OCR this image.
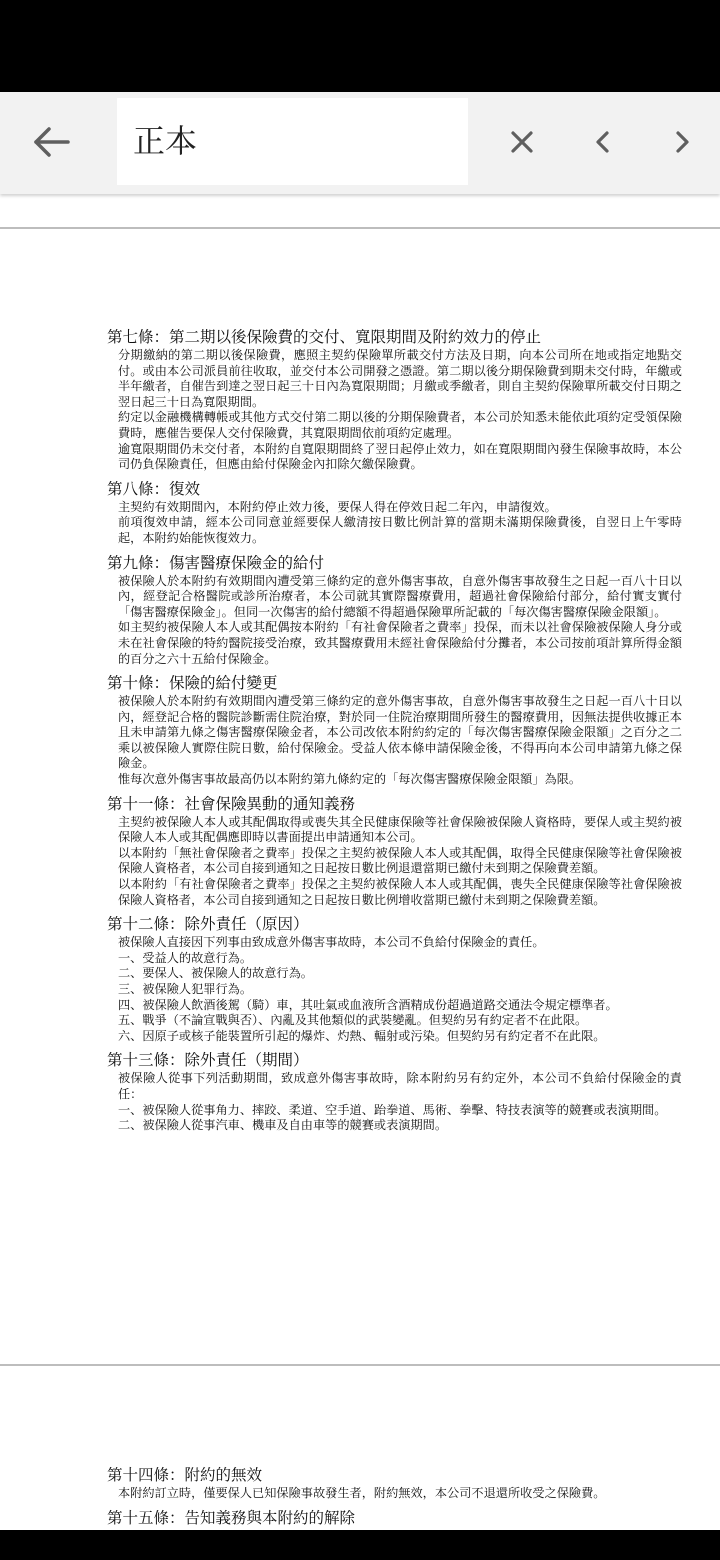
正本

第七條：第二期以後保險費的交付、寬限期間及附約效力的停止

分期繳納的第二期以後保險費，應照主契約保險單所載交付方法及日期，向本公司所在地或指定地點交付。或由本公司派員前往收取，並交付本公司開發之憑證。第二期以後分期保險費到期未交付時，年繳或半年繳者，自催告到達之翌日起三十日內為寬限期間；月繳或季繳者，則自主契約保險單所載交付日期之翌日起三十日為寬限期間。

約定以金融機構轉帳或其他方式交付第二期以後的分期保險費者，本公司於知悉未能依此項約定受領保險費時，應催告要保人交付保險費，其寬限期間依前項約定處理。

逾寬限期間仍未交付者，本附約自寬限期間終了翌日起停止效力，如在寬限期間內發生保險事故時，本公司仍負保險責任，但應由給付保險金內扣除欠繳保險費。

第八條：復效

主契約有效期間內，本附約停止效力後，要保人得在停效日起二年內，申請復效。

前項復效申請，經本公司同意並經要保人繳清按日數比例計算的當期未滿期保險費後，自翌日上午零時起，本附約始能恢復效力。

第九條：傷害醫療保險金的給付

被保險人於本附約有效期間內遭受第三條約定的意外傷害事故，自意外傷害事故發生之日起一百八十日以內，經登記合格醫院或診所治療者，本公司就其實際醫療費用，超過社會保險給付部分，給付實支實付「傷害醫療保險金」。但同一次傷害的給付總額不得超過保險單所記載的「每次傷害醫療保險金限額」。

如主契約被保險人本人或其配偶按本附約「有社會保險者之費率」投保，而未以社會保險被保險人身分或未在社會保險的特約醫院接受治療，致其醫療費用未經社會保險給付分攤者，本公司按前項計算所得金額的百分之六十五給付保險金。

第十條：保險的給付變更

被保險人於本附約有效期間內遭受第三條約定的意外傷害事故，自意外傷害事故發生之日起一百八十日以內，經登記合格的醫院診斷需住院治療，對於同一住院治療期間所發生的醫療費用，因無法提供收據正本且未申請第九條之傷害醫療保險金者，本公司改依本附約約定的「每次傷害醫療保險金限額」之百分之二乘以被保險人實際住院日數，給付保險金。受益人依本條申請保險金後，不得再向本公司申請第九條之保險金。

惟每次意外傷害事故最高仍以本附約第九條約定的「每次傷害醫療保險金限額」為限。

第十一條：社會保險異動的通知義務

主契約被保險人本人或其配偶取得或喪失其全民健康保險等社會保險被保險人資格時，要保人或主契約被保險人本人或其配偶應即時以書面提出申請通知本公司。

以本附約「無社會保險者之費率」投保之主契約被保險人本人或其配偶，取得全民健康保險等社會保險被保險人資格者，本公司自接到通知之日起按日數比例退還當期已繳付未到期之保險費差額。

以本附約「有社會保險者之費率」投保之主契約被保險人本人或其配偶，喪失全民健康保險等社會保險被保險人資格者，本公司自接到通知之日起按日數比例增收當期已繳付未到期之保險費差額。

第十二條：除外責任（原因）

被保險人直接因下列事由致成意外傷害事故時，本公司不負給付保險金的責任。

一、受益人的故意行為。

二、要保人、被保險人的故意行為。

三、被保險人犯罪行為。

四、被保險人飲酒後駕（騎）車，其吐氣或血液所含酒精成份超過道路交通法令規定標準者。

五、戰爭（不論宣戰與否）、內亂及其他類似的武裝變亂。但契約另有約定者不在此限。

六、因原子或核子能裝置所引起的爆炸、灼熱、輻射或污染。但契約另有約定者不在此限。

第十三條：除外責任（期間）

被保險人從事下列活動期間，致成意外傷害事故時，除本附約另有約定外，本公司不負給付保險金的責任：

一、被保險人從事角力、摔跤、柔道、空手道、跆拳道、馬術、拳擊、特技表演等的競賽或表演期間。

二、被保險人從事汽車、機車及自由車等的競賽或表演期間。

第十四條：附約的無效

本附約訂立時，僅要保人已知保險事故發生者，附約無效，本公司不退還所收受之保險費。

第十五條：告知義務與本附約的解除
